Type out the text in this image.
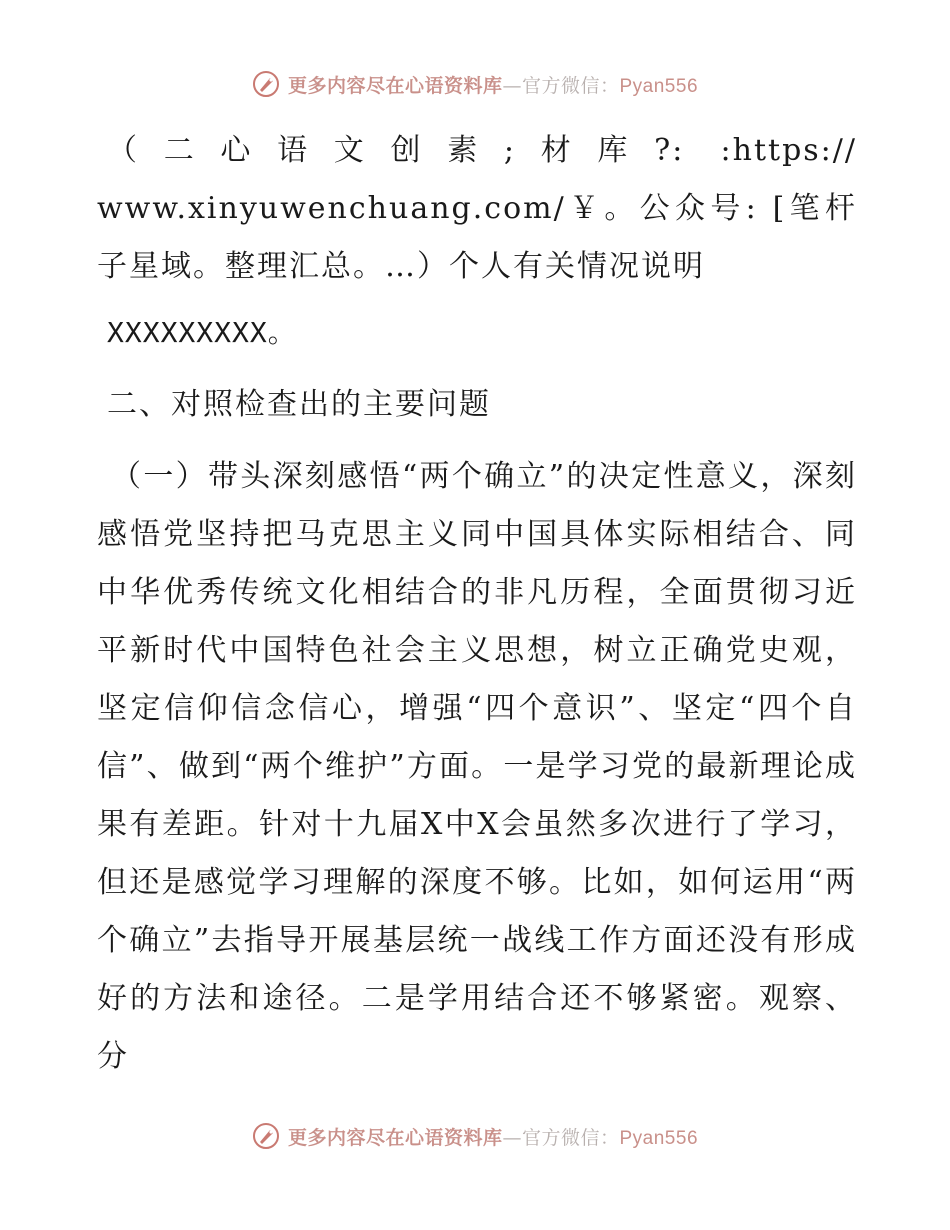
更多内容尽在心语资料库—官方微信：Pyan556

（二心语文创素;材库?: :https:// www.xinyuwenchuang.com/￥。公众号: [笔杆子星域。整理汇总。…）个人有关情况说明

XXXXXXXXX。

二、对照检查出的主要问题

（一）带头深刻感悟“两个确立”的决定性意义，深刻感悟党坚持把马克思主义同中国具体实际相结合、同中华优秀传统文化相结合的非凡历程，全面贯彻习近平新时代中国特色社会主义思想，树立正确党史观，坚定信仰信念信心，增强“四个意识”、坚定“四个自信”、做到“两个维护”方面。一是学习党的最新理论成果有差距。针对十九届X中X会虽然多次进行了学习，但还是感觉学习理解的深度不够。比如，如何运用“两个确立”去指导开展基层统一战线工作方面还没有形成好的方法和途径。二是学用结合还不够紧密。观察、分

更多内容尽在心语资料库—官方微信：Pyan556
